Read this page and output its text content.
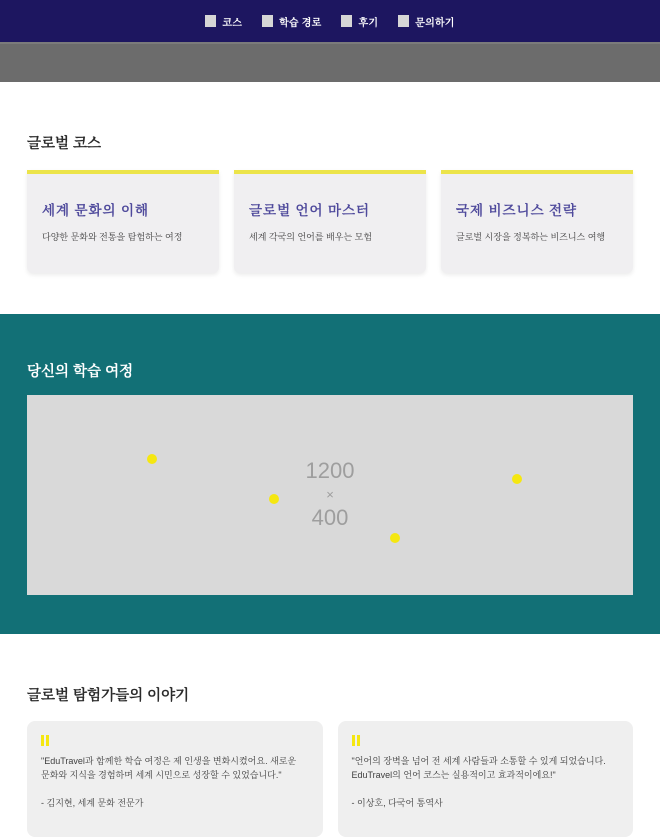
코스	학습 경로	후기	문의하기
글로벌 코스
세계 문화의 이해
다양한 문화와 전통을 탐험하는 여정
글로벌 언어 마스터
세계 각국의 언어를 배우는 모험
국제 비즈니스 전략
글로벌 시장을 정복하는 비즈니스 여행
당신의 학습 여정
1200
×
400
글로벌 탐험가들의 이야기

"EduTravel과 함께한 학습 여정은 제 인생을 변화시켰어요. 새로운 문화와 지식을 경험하며 세계 시민으로 성장할 수 있었습니다."

- 김지현, 세계 문화 전문가

"언어의 장벽을 넘어 전 세계 사람들과 소통할 수 있게 되었습니다. EduTravel의 언어 코스는 실용적이고 효과적이에요!"

- 이상호, 다국어 통역사
